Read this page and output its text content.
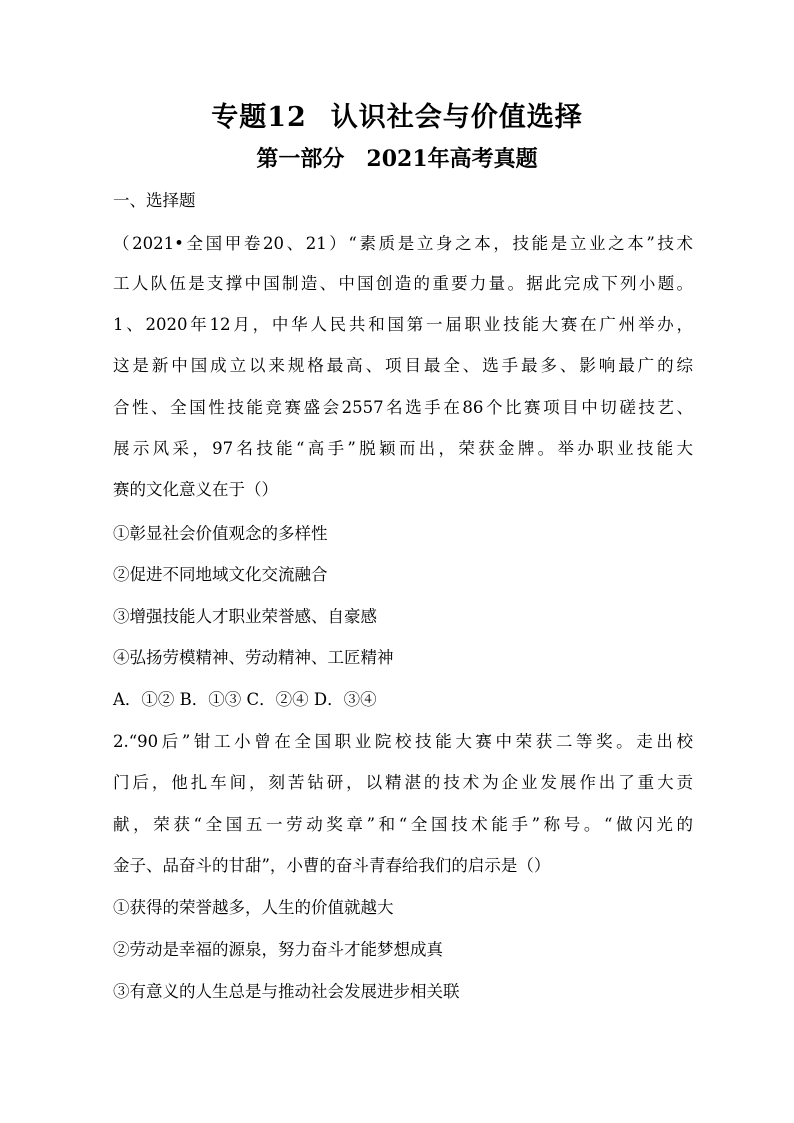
专题12 认识社会与价值选择
第一部分 2021年高考真题
一、选择题
（2021•全国甲卷20、21）“素质是立身之本，技能是立业之本”技术
工人队伍是支撑中国制造、中国创造的重要力量。据此完成下列小题。
1、2020年12月，中华人民共和国第一届职业技能大赛在广州举办，
这是新中国成立以来规格最高、项目最全、选手最多、影响最广的综
合性、全国性技能竞赛盛会2557名选手在86个比赛项目中切磋技艺、
展示风采，97名技能“高手”脱颖而出，荣获金牌。举办职业技能大
赛的文化意义在于（）
①彰显社会价值观念的多样性
②促进不同地域文化交流融合
③增强技能人才职业荣誉感、自豪感
④弘扬劳模精神、劳动精神、工匠精神
A．①② B．①③ C．②④ D．③④
2.“90后”钳工小曾在全国职业院校技能大赛中荣获二等奖。走出校
门后，他扎车间，刻苦钻研，以精湛的技术为企业发展作出了重大贡
献，荣获“全国五一劳动奖章”和“全国技术能手”称号。“做闪光的
金子、品奋斗的甘甜”，小曹的奋斗青春给我们的启示是（）
①获得的荣誉越多，人生的价值就越大
②劳动是幸福的源泉，努力奋斗才能梦想成真
③有意义的人生总是与推动社会发展进步相关联
